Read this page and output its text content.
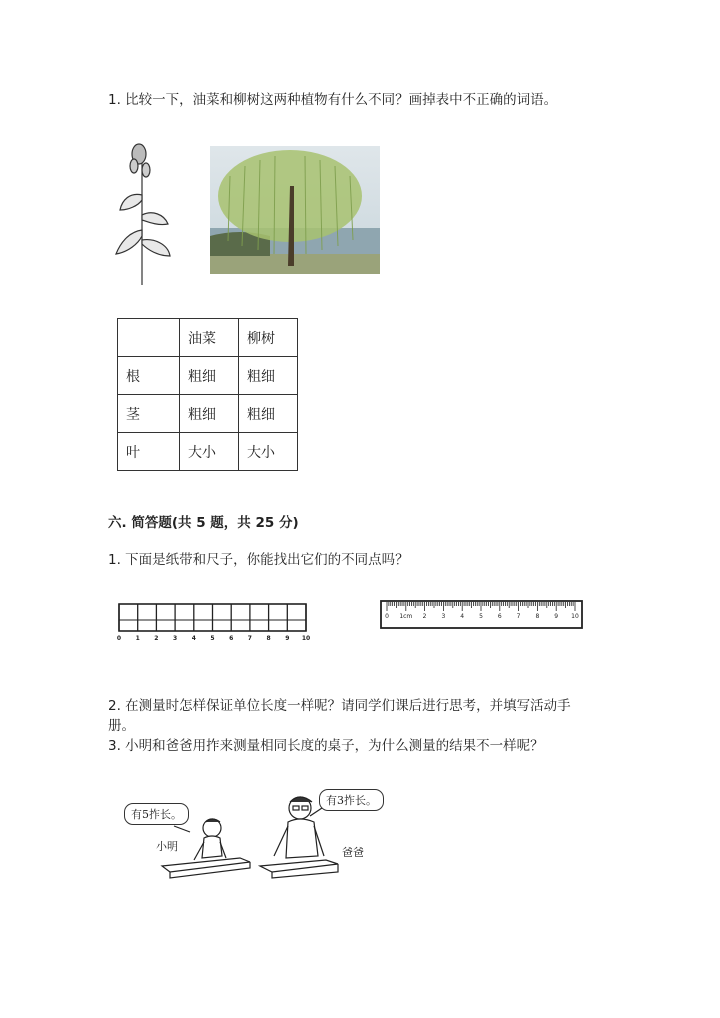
1. 比较一下，油菜和柳树这两种植物有什么不同？画掉表中不正确的词语。
	油菜	柳树
根	粗细	粗细
茎	粗细	粗细
叶	大小	大小
六. 简答题(共 5 题，共 25 分)
1. 下面是纸带和尺子，你能找出它们的不同点吗？
0 1 2 3 4 5 6 7 8 9 10
0 1cm 2 3 4 5 6 7 8 9 10
2. 在测量时怎样保证单位长度一样呢？请同学们课后进行思考，并填写活动手
册。
3. 小明和爸爸用拃来测量相同长度的桌子，为什么测量的结果不一样呢？
有5拃长。
有3拃长。
小明	爸爸
